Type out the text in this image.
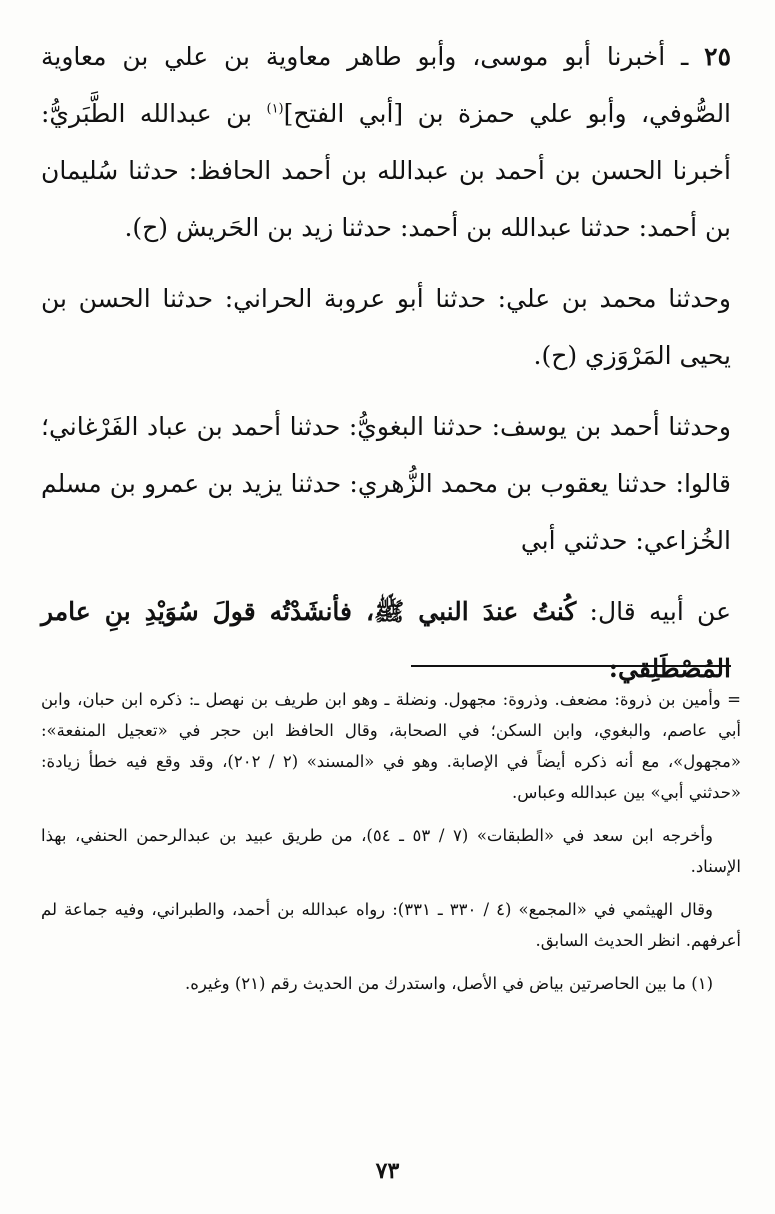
٢٥ ـ أخبرنا أبو موسى، وأبو طاهر معاوية بن علي بن معاوية الصُّوفي، وأبو علي حمزة بن [أبي الفتح]$^{(١)}$ بن عبدالله الطَّبَريُّ: أخبرنا الحسن بن أحمد بن عبدالله بن أحمد الحافظ: حدثنا سُليمان بن أحمد: حدثنا عبدالله بن أحمد: حدثنا زيد بن الحَريش (ح).

وحدثنا محمد بن علي: حدثنا أبو عروبة الحراني: حدثنا الحسن بن يحيى المَرْوَزي (ح).

وحدثنا أحمد بن يوسف: حدثنا البغويُّ: حدثنا أحمد بن عباد الفَرْغاني؛ قالوا: حدثنا يعقوب بن محمد الزُّهري: حدثنا يزيد بن عمرو بن مسلم الخُزاعي: حدثني أبي

عن أبيه قال: كُنتُ عندَ النبي ﷺ، فأنشَدْتُه قولَ سُوَيْدِ بنِ عامر المُصْطَلِقي:

= وأمين بن ذروة: مضعف. وذروة: مجهول. ونضلة ـ وهو ابن طريف بن نهصل ـ: ذكره ابن حبان، وابن أبي عاصم، والبغوي، وابن السكن؛ في الصحابة، وقال الحافظ ابن حجر في «تعجيل المنفعة»: «مجهول»، مع أنه ذكره أيضاً في الإصابة. وهو في «المسند» (٢ / ٢٠٢)، وقد وقع فيه خطأ زيادة: «حدثني أبي» بين عبدالله وعباس.

وأخرجه ابن سعد في «الطبقات» (٧ / ٥٣ ـ ٥٤)، من طريق عبيد بن عبدالرحمن الحنفي، بهذا الإسناد.

وقال الهيثمي في «المجمع» (٤ / ٣٣٠ ـ ٣٣١): رواه عبدالله بن أحمد، والطبراني، وفيه جماعة لم أعرفهم. انظر الحديث السابق.

(١) ما بين الحاصرتين بياض في الأصل، واستدرك من الحديث رقم (٢١) وغيره.

٧٣
